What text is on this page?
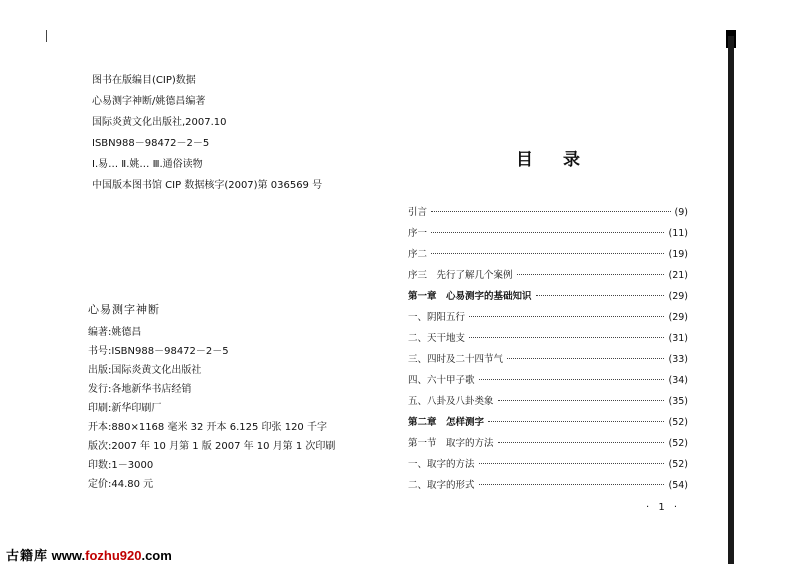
图书在版编目(CIP)数据
心易测字神断/姚德昌编著
国际炎黄文化出版社,2007.10
ISBN988－98472－2－5
Ⅰ.易… Ⅱ.姚… Ⅲ.通俗读物
中国版本图书馆 CIP 数据核字(2007)第 036569 号
心易测字神断
编著:姚德昌
书号:ISBN988－98472－2－5
出版:国际炎黄文化出版社
发行:各地新华书店经销
印刷:新华印刷厂
开本:880×1168 毫米 32 开本 6.125 印张 120 千字
版次:2007 年 10 月第 1 版 2007 年 10 月第 1 次印刷
印数:1－3000
定价:44.80 元
目录
引言	(9)
序一	(11)
序二	(19)
序三　先行了解几个案例	(21)
第一章　心易测字的基础知识	(29)
一、阴阳五行	(29)
二、天干地支	(31)
三、四时及二十四节气	(33)
四、六十甲子歌	(34)
五、八卦及八卦类象	(35)
第二章　怎样测字	(52)
第一节　取字的方法	(52)
一、取字的方法	(52)
二、取字的形式	(54)
· 1 ·
古籍库 www.fozhu920.com
